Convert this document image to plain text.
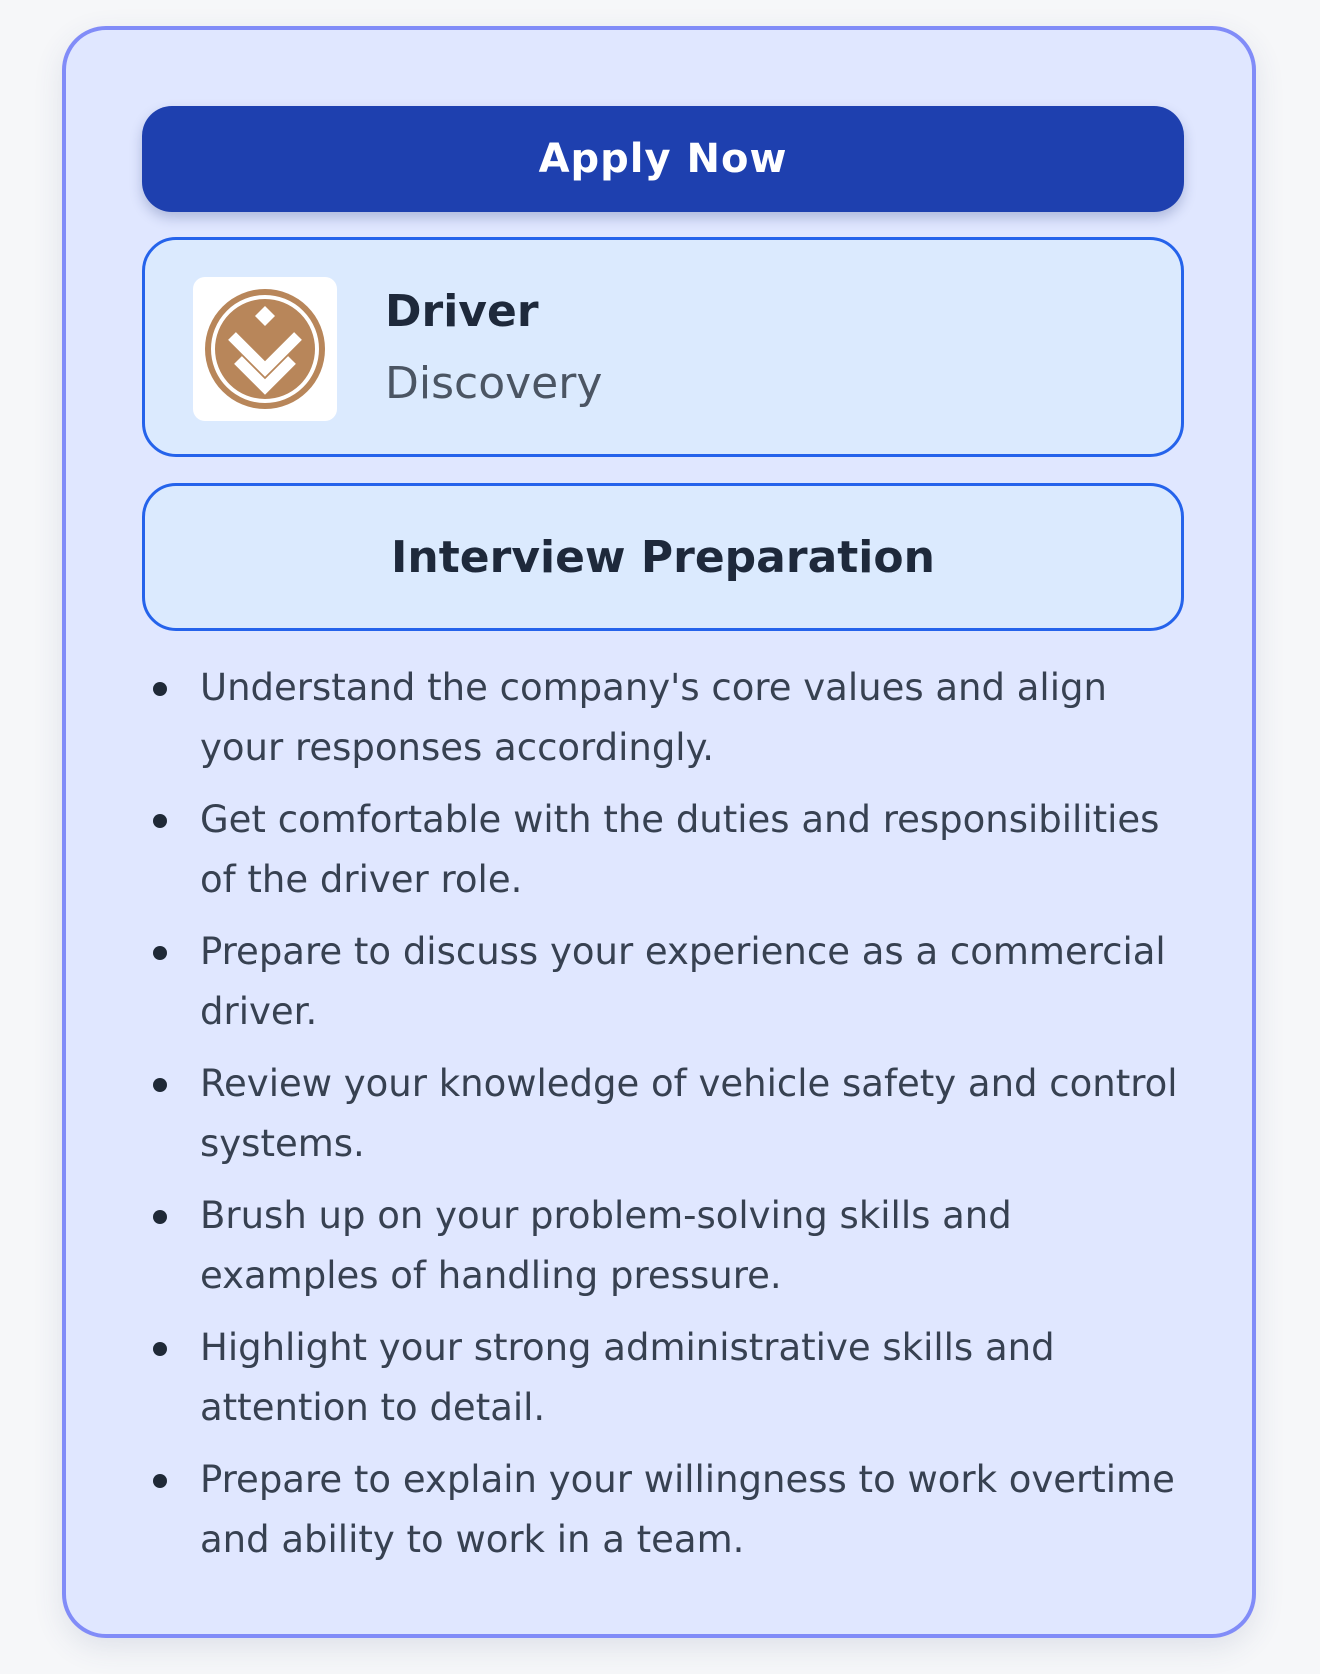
Apply Now
Driver
Discovery
Interview Preparation
Understand the company's core values and align your responses accordingly.
Get comfortable with the duties and responsibilities of the driver role.
Prepare to discuss your experience as a commercial driver.
Review your knowledge of vehicle safety and control systems.
Brush up on your problem-solving skills and examples of handling pressure.
Highlight your strong administrative skills and attention to detail.
Prepare to explain your willingness to work overtime and ability to work in a team.
